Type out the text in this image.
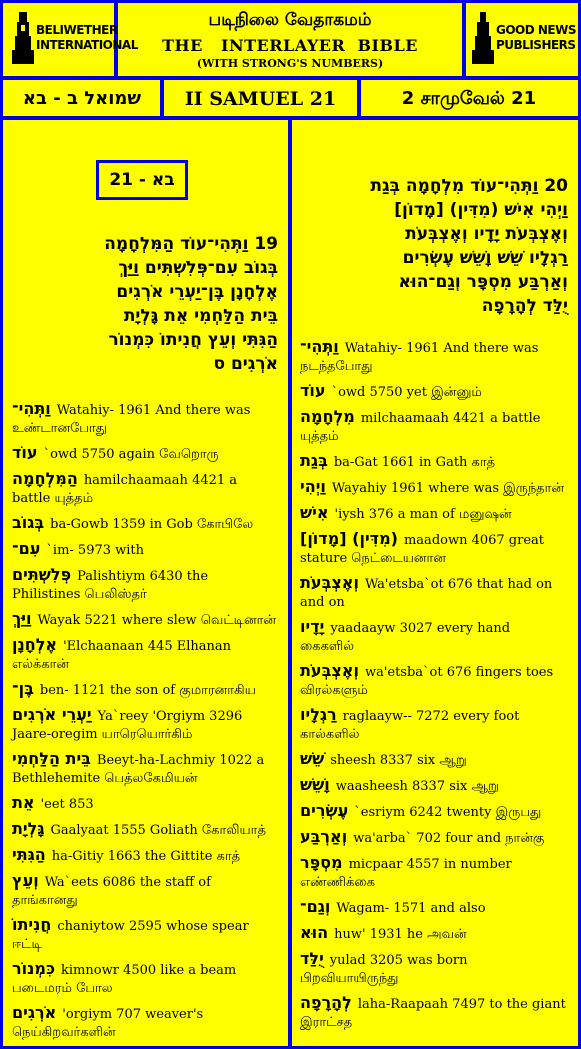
BELIWETHER
INTERNATIONAL
GOOD NEWS
PUBLISHERS
படிநிலை வேதாகமம்
THE   INTERLAYER  BIBLE
(WITH STRONG'S NUMBERS)
שמואל ב - בא	II SAMUEL 21	2 சாமுவேல் 21
21 - בא
19 וַתְּהִי־עוֹד הַמִּלְחָמָה
בְּגוֹב עִם־פְּלִשְׁתִּים וַיַּךְ
אֶלְחָנָן בֶּן־יַעְרֵי אֹרְגִים
בֵּית הַלַּחְמִי אֵת גָּלְיָת
הַגִּתִּי וְעֵץ חֲנִיתוֹ כִּמְנוֹר
אֹרְגִים ס
וַתְּהִי־ Watahiy- 1961 And there was உண்டானபோது
עוֹד `owd 5750 again வேறொரு
הַמִּלְחָמָה hamilchaamaah 4421 a battle யுத்தம்
בְּגוֹב ba-Gowb 1359 in Gob கோபிலே
עִם־ `im- 5973 with
פְּלִשְׁתִּים Palishtiym 6430 the Philistines பெலிஸ்தர்
וַיַּךְ Wayak 5221 where slew வெட்டினான்
אֶלְחָנָן 'Elchaanaan 445 Elhanan எல்க்கான்
בֶּן־ ben- 1121 the son of குமாரனாகிய
יַעְרֵי אֹרְגִים Ya`reey 'Orgiym 3296 Jaare-oregim யாரெயொர்கிம்
בֵּית הַלַּחְמִי Beeyt-ha-Lachmiy 1022 a Bethlehemite பெத்லகேமியன்
אֵת 'eet 853
גָּלְיָת Gaalyaat 1555 Goliath கோலியாத்
הַגִּתִּי ha-Gitiy 1663 the Gittite காத்
וְעֵץ Wa`eets 6086 the staff of தாங்கானது
חֲנִיתוֹ chaniytow 2595 whose spear ஈட்டி
כִּמְנוֹר kimnowr 4500 like a beam படைமரம் போல
אֹרְגִים 'orgiym 707 weaver's நெய்கிறவர்களின்
20 וַתְּהִי־עוֹד מִלְחָמָה בְּגַת
וַיְהִי אִישׁ (מִדִּין) [מָדוֹן]
וְאֶצְבְּעֹת יָדָיו וְאֶצְבְּעֹת
רַגְלָיו שֵׁשׁ וָשֵׁשׁ עֶשְׂרִים
וְאַרְבַּע מִסְפָּר וְגַם־הוּא
יֻלַּד לְהָרָפָה
וַתְּהִי־ Watahiy- 1961 And there was நடந்தபோது
עוֹד `owd 5750 yet இன்னும்
מִלְחָמָה milchaamaah 4421 a battle யுத்தம்
בְּגַת ba-Gat 1661 in Gath காத்
וַיְהִי Wayahiy 1961 where was இருந்தான்
אִישׁ 'iysh 376 a man of மனுஷன்
(מִדִּין) [מָדוֹן] maadown 4067 great stature நெட்டையனான
וְאֶצְבְּעֹת Wa'etsba`ot 676 that had on and on
יָדָיו yaadaayw 3027 every hand கைகளில்
וְאֶצְבְּעֹת wa'etsba`ot 676 fingers toes விரல்களும்
רַגְלָיו raglaayw-- 7272 every foot கால்களில்
שֵׁשׁ sheesh 8337 six ஆறு
וָשֵׁשׁ waasheesh 8337 six ஆறு
עֶשְׂרִים `esriym 6242 twenty இருபது
וְאַרְבַּע wa'arba` 702 four and நான்கு
מִסְפָּר micpaar 4557 in number எண்ணிக்கை
וְגַם־ Wagam- 1571 and also
הוּא huw' 1931 he அவன்
יֻלַּד yulad 3205 was born பிறவியாயிருந்து
לְהָרָפָה laha-Raapaah 7497 to the giant இராட்சத
